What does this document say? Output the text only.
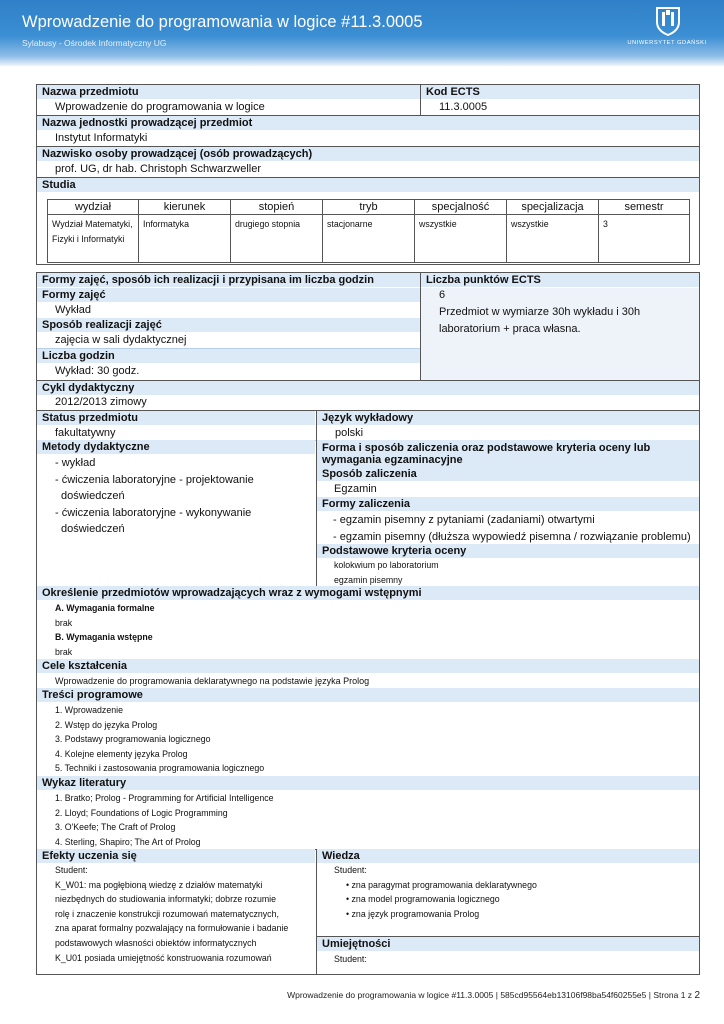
Wprowadzenie do programowania w logice #11.3.0005
Sylabusy - Ośrodek Informatyczny UG	UNIWERSYTET GDAŃSKI
Nazwa przedmiotu	Kod ECTS
Wprowadzenie do programowania w logice	11.3.0005
Nazwa jednostki prowadzącej przedmiot
Instytut Informatyki
Nazwisko osoby prowadzącej (osób prowadzących)
prof. UG, dr hab. Christoph Schwarzweller
Studia
wydział	kierunek	stopień	tryb	specjalność	specjalizacja	semestr
Wydział Matematyki, Fizyki i Informatyki	Informatyka	drugiego stopnia	stacjonarne	wszystkie	wszystkie	3
Formy zajęć, sposób ich realizacji i przypisana im liczba godzin	Liczba punktów ECTS
Formy zajęć
Wykład
Sposób realizacji zajęć
zajęcia w sali dydaktycznej
Liczba godzin
Wykład: 30 godz.
6
Przedmiot w wymiarze 30h wykładu i 30h laboratorium + praca własna.
Cykl dydaktyczny
2012/2013 zimowy
Status przedmiotu
fakultatywny
Język wykładowy
polski
Metody dydaktyczne
- wykład
- ćwiczenia laboratoryjne - projektowanie
doświedczeń
- ćwiczenia laboratoryjne - wykonywanie
doświedczeń
Forma i sposób zaliczenia oraz podstawowe kryteria oceny lub wymagania egzaminacyjne
Sposób zaliczenia
Egzamin
Formy zaliczenia
- egzamin pisemny z pytaniami (zadaniami) otwartymi
- egzamin pisemny (dłuższa wypowiedź pisemna / rozwiązanie problemu)
Podstawowe kryteria oceny
kolokwium po laboratorium
egzamin pisemny
Określenie przedmiotów wprowadzających wraz z wymogami wstępnymi
A. Wymagania formalne
brak
B. Wymagania wstępne
brak
Cele kształcenia
Wprowadzenie do programowania deklaratywnego na podstawie języka Prolog
Treści programowe
1. Wprowadzenie
2. Wstęp do języka Prolog
3. Podstawy programowania logicznego
4. Kolejne elementy języka Prolog
5. Techniki i zastosowania programowania logicznego
Wykaz literatury
1. Bratko; Prolog - Programming for Artificial Intelligence
2. Lloyd; Foundations of Logic Programming
3. O'Keefe; The Craft of Prolog
4. Sterling, Shapiro; The Art of Prolog
Efekty uczenia się
Student:
K_W01: ma pogłębioną wiedzę z działów matematyki
niezbędnych do studiowania informatyki; dobrze rozumie
rolę i znaczenie konstrukcji rozumowań matematycznych,
zna aparat formalny pozwalający na formułowanie i badanie
podstawowych własności obiektów informatycznych
K_U01 posiada umiejętność konstruowania rozumowań
Wiedza
Student:
• zna paragymat programowania deklaratywnego
• zna model programowania logicznego
• zna język programowania Prolog
Umiejętności
Student:
Wprowadzenie do programowania w logice #11.3.0005 | 585cd95564eb13106f98ba54f60255e5 | Strona 1 z 2
